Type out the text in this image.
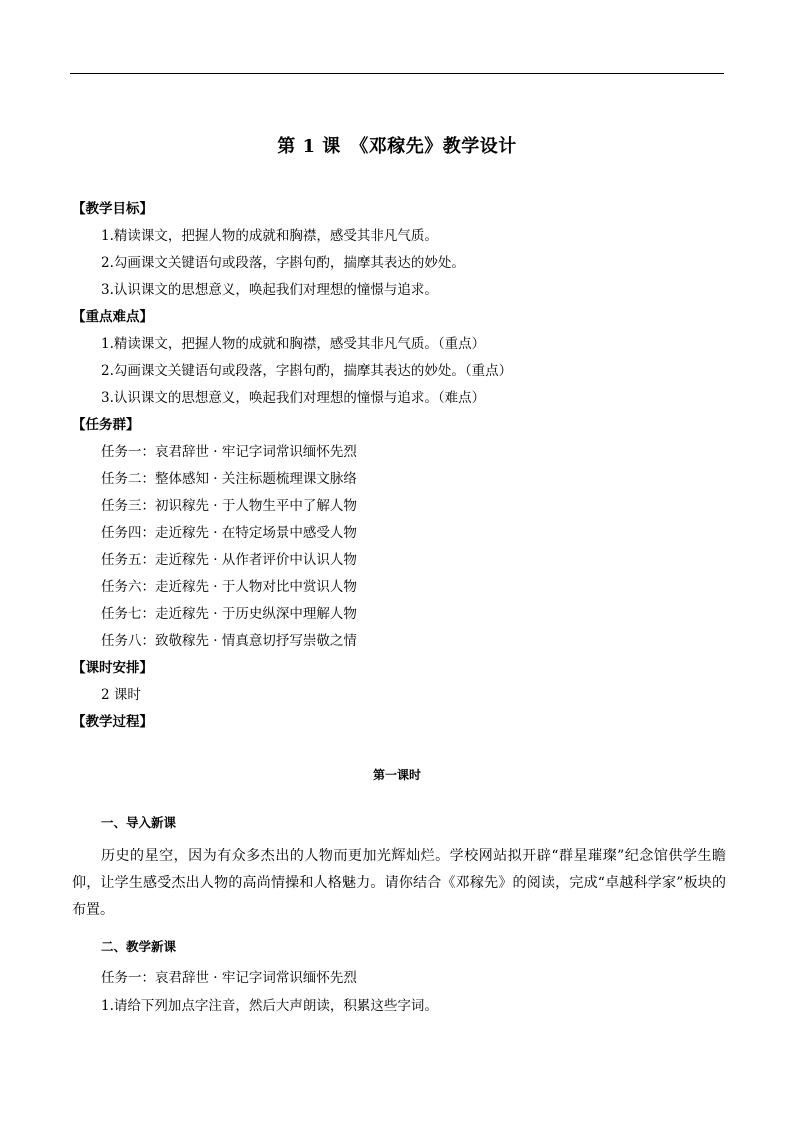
第 1 课　《邓稼先》教学设计
【教学目标】
1.精读课文，把握人物的成就和胸襟，感受其非凡气质。
2.勾画课文关键语句或段落，字斟句酌，揣摩其表达的妙处。
3.认识课文的思想意义，唤起我们对理想的憧憬与追求。
【重点难点】
1.精读课文，把握人物的成就和胸襟，感受其非凡气质。（重点）
2.勾画课文关键语句或段落，字斟句酌，揣摩其表达的妙处。（重点）
3.认识课文的思想意义，唤起我们对理想的憧憬与追求。（难点）
【任务群】
任务一：哀君辞世 · 牢记字词常识缅怀先烈
任务二：整体感知 · 关注标题梳理课文脉络
任务三：初识稼先 · 于人物生平中了解人物
任务四：走近稼先 · 在特定场景中感受人物
任务五：走近稼先 · 从作者评价中认识人物
任务六：走近稼先 · 于人物对比中赏识人物
任务七：走近稼先 · 于历史纵深中理解人物
任务八：致敬稼先 · 情真意切抒写崇敬之情
【课时安排】
2 课时
【教学过程】
第一课时
一、导入新课
历史的星空，因为有众多杰出的人物而更加光辉灿烂。学校网站拟开辟“群星璀璨”纪念馆供学生瞻仰，让学生感受杰出人物的高尚情操和人格魅力。请你结合《邓稼先》的阅读，完成“卓越科学家”板块的布置。
二、教学新课
任务一：哀君辞世 · 牢记字词常识缅怀先烈
1.请给下列加点字注音，然后大声朗读，积累这些字词。
